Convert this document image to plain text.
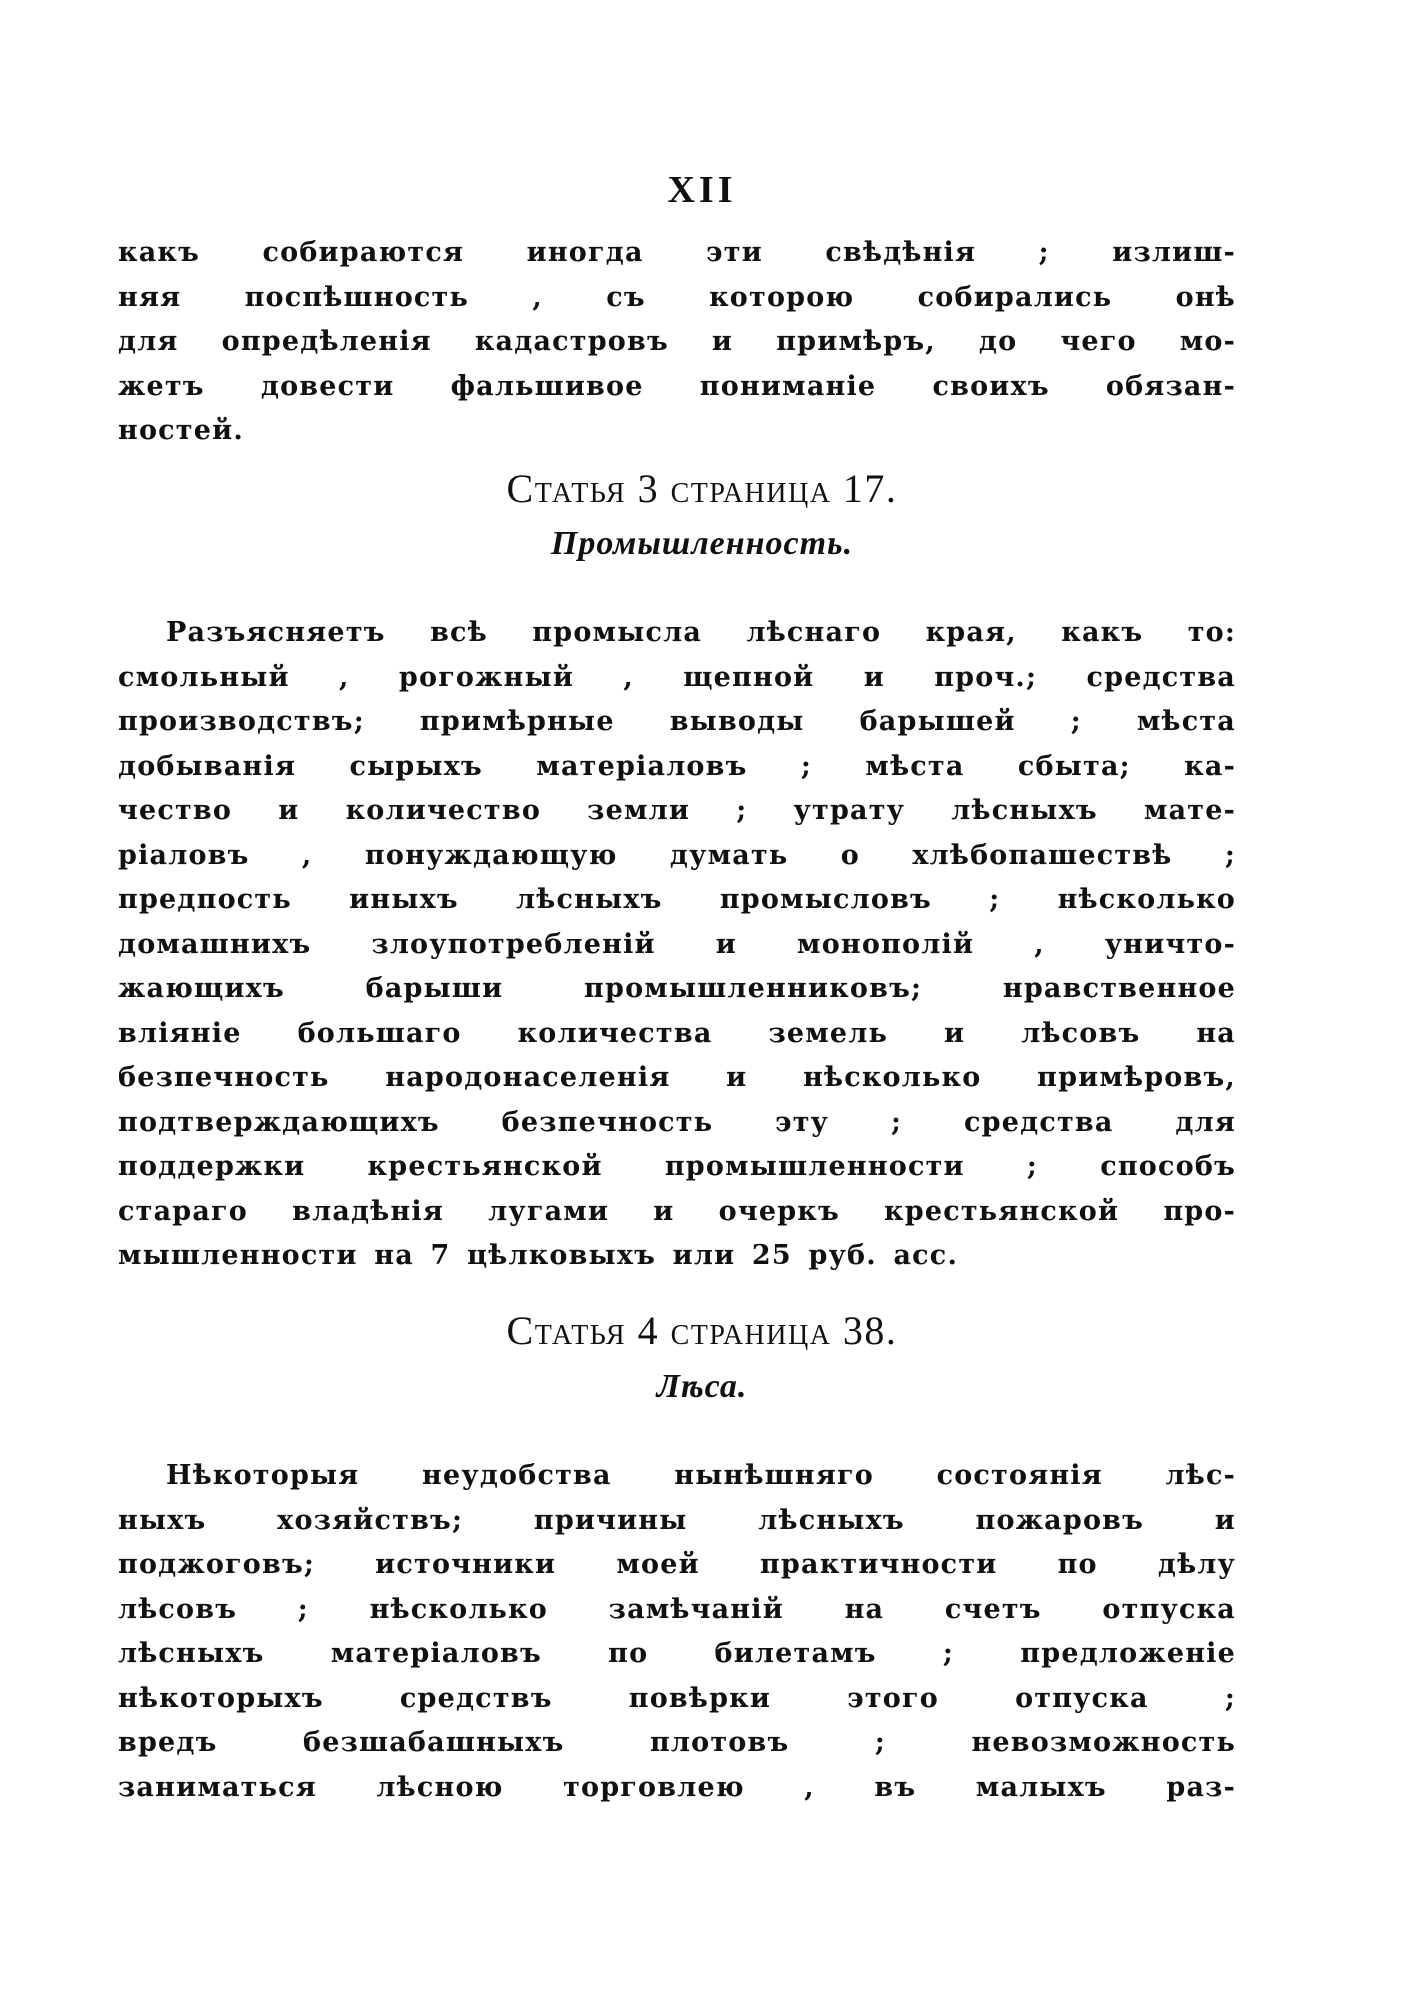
XII
какъ собираются иногда эти свѣдѣнія ; излиш-
няя поспѣшность , съ которою собирались онѣ
для опредѣленія кадастровъ и примѣръ, до чего мо-
жетъ довести фальшивое пониманіе своихъ обязан-
ностей.
Статья 3 страница 17.
Промышленность.
Разъясняетъ всѣ промысла лѣснаго края, какъ то:
смольный , рогожный , щепной и проч.; средства
производствъ; примѣрные выводы барышей ; мѣста
добыванія сырыхъ матеріаловъ ; мѣста сбыта; ка-
чество и количество земли ; утрату лѣсныхъ мате-
ріаловъ , понуждающую думать о хлѣбопашествѣ ;
предпость иныхъ лѣсныхъ промысловъ ; нѣсколько
домашнихъ злоупотребленій и монополій , уничто-
жающихъ барыши промышленниковъ; нравственное
вліяніе большаго количества земель и лѣсовъ на
безпечность народонаселенія и нѣсколько примѣровъ,
подтверждающихъ безпечность эту ; средства для
поддержки крестьянской промышленности ; способъ
стараго владѣнія лугами и очеркъ крестьянской про-
мышленности на 7 цѣлковыхъ или 25 руб. асс.
Статья 4 страница 38.
Лѣса.
Нѣкоторыя неудобства нынѣшняго состоянія лѣс-
ныхъ хозяйствъ; причины лѣсныхъ пожаровъ и
поджоговъ; источники моей практичности по дѣлу
лѣсовъ ; нѣсколько замѣчаній на счетъ отпуска
лѣсныхъ матеріаловъ по билетамъ ; предложеніе
нѣкоторыхъ средствъ повѣрки этого отпуска ;
вредъ безшабашныхъ плотовъ ; невозможность
заниматься лѣсною торговлею , въ малыхъ раз-
